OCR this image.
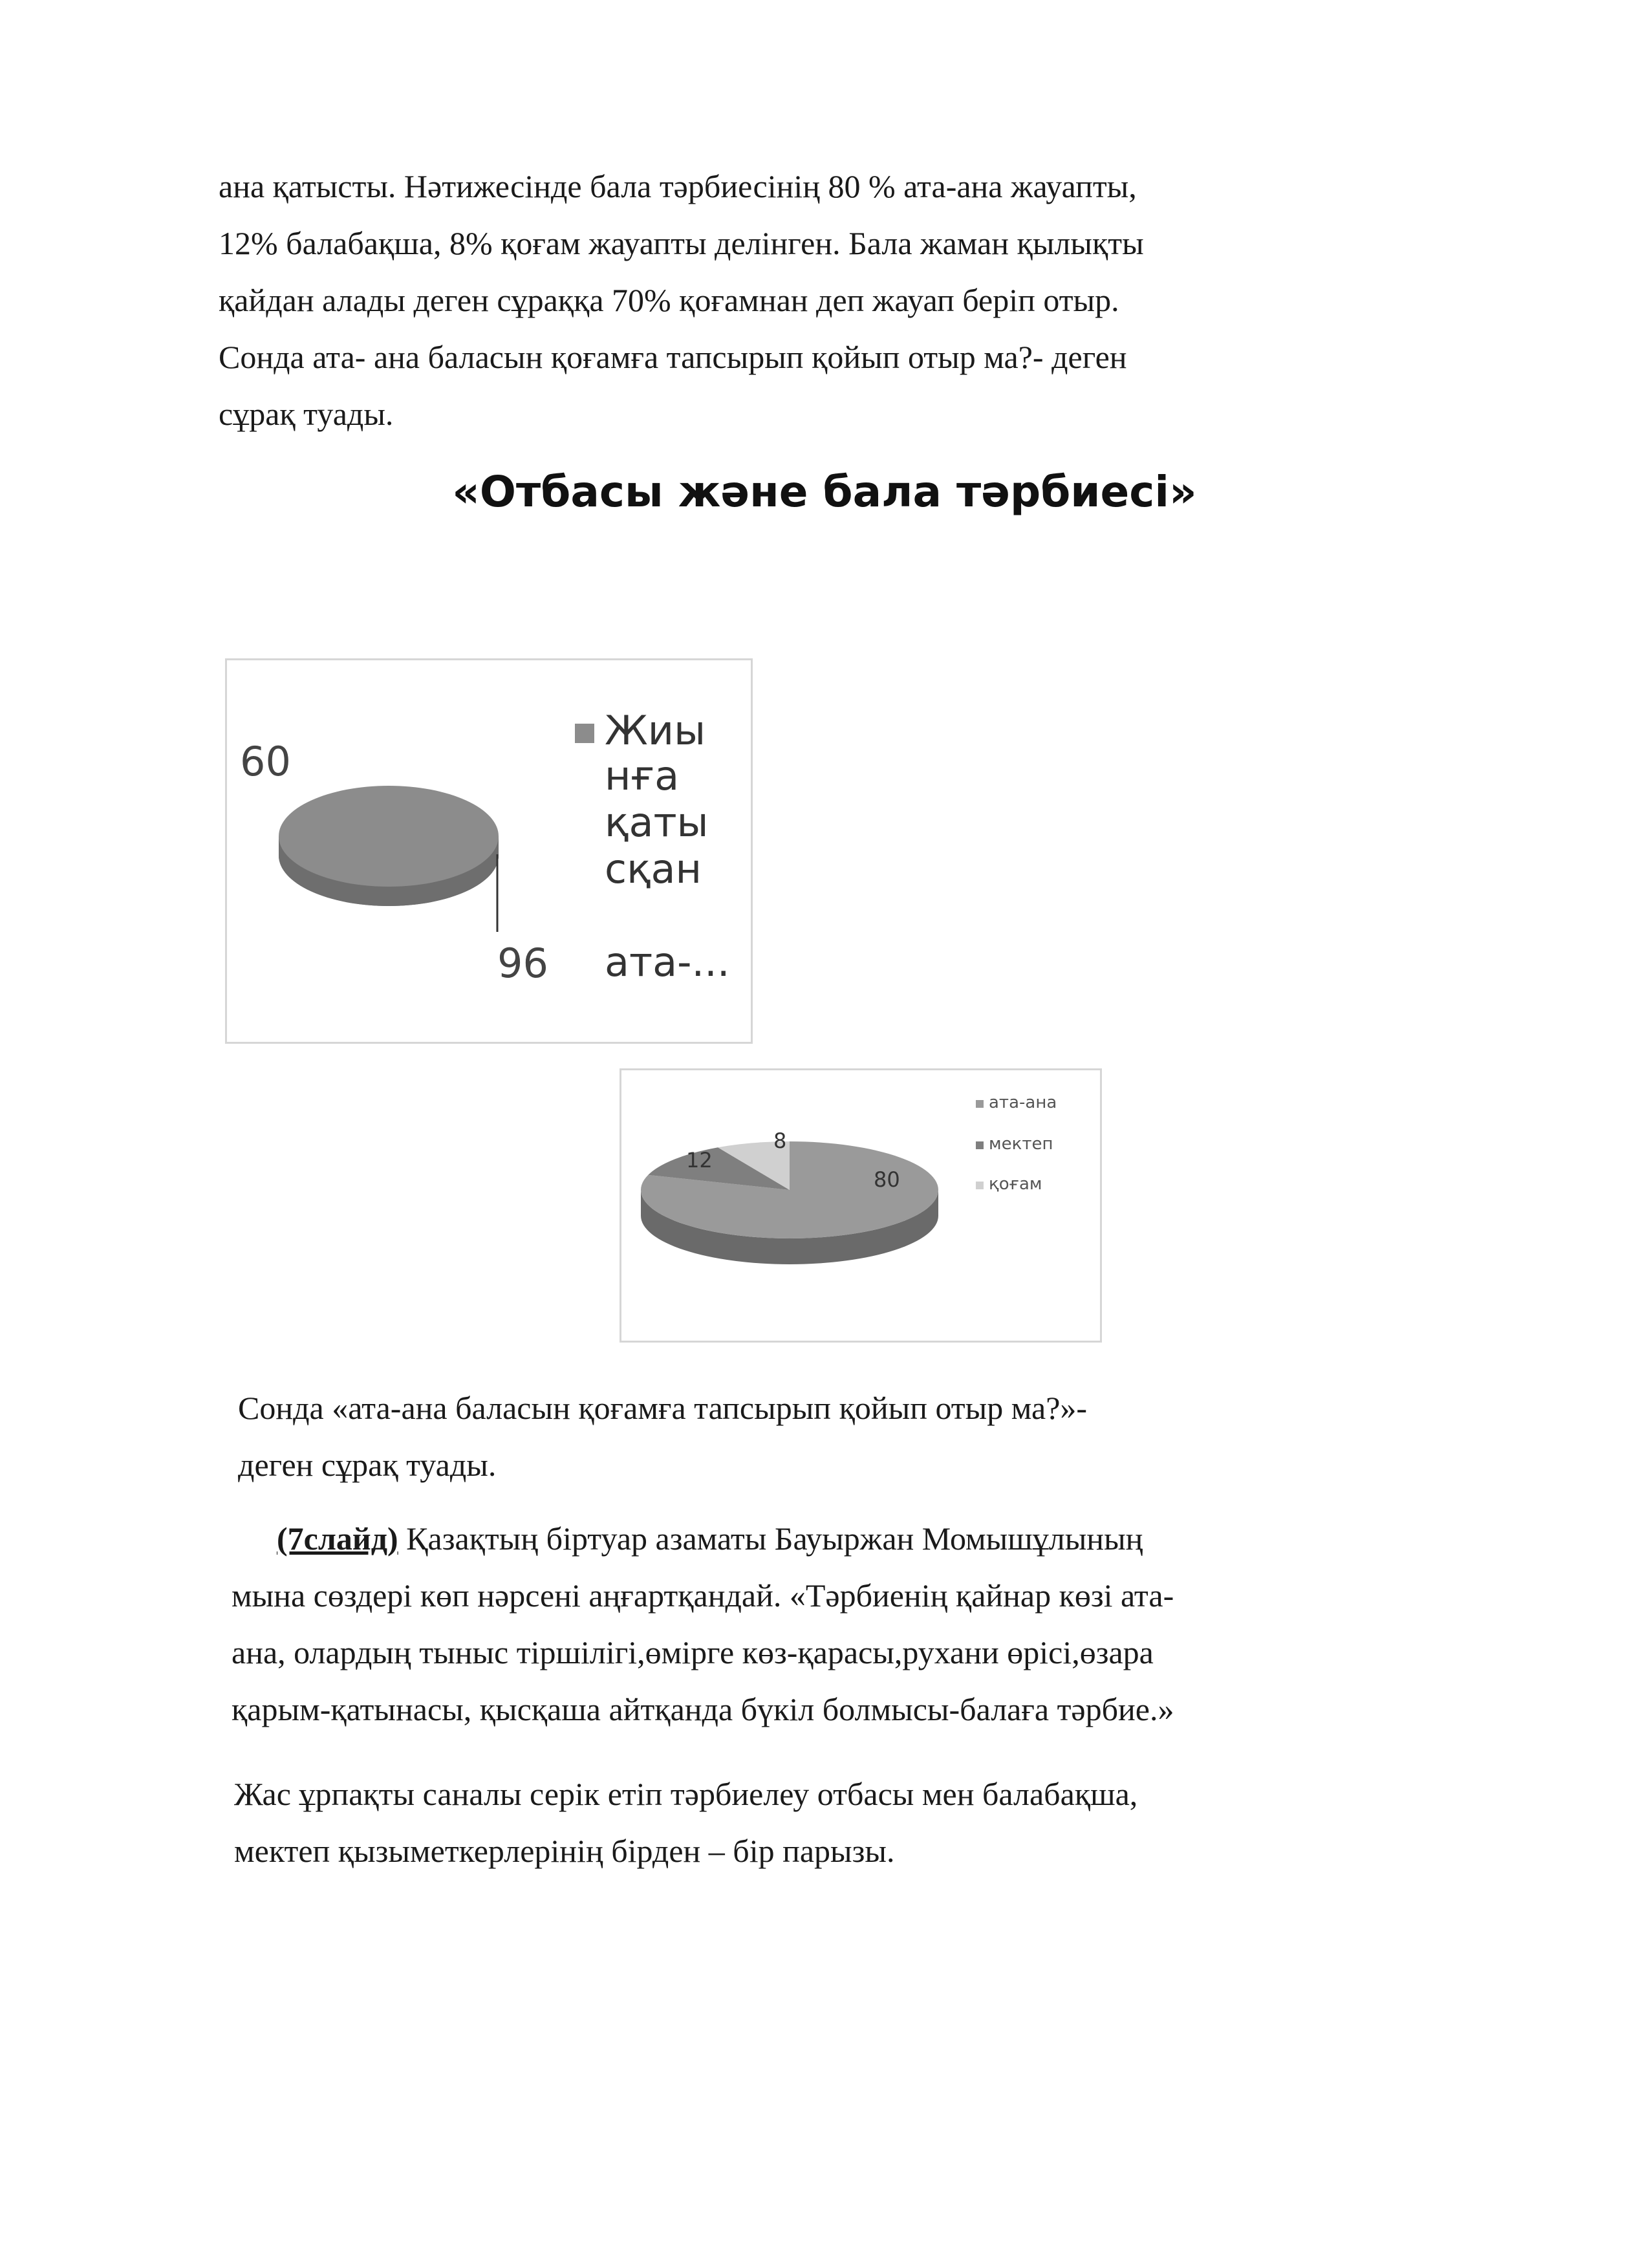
ана қатысты. Нәтижесінде бала тәрбиесінің 80 % ата-ана жауапты,
12% балабақша, 8% қоғам жауапты делінген. Бала жаман қылықты
қайдан алады деген сұраққа 70% қоғамнан деп жауап беріп отыр.
Сонда ата- ана баласын қоғамға тапсырып қойып отыр ма?- деген
сұрақ туады.
«Отбасы және бала тәрбиесі»
60
96
Жиы
нға
қаты
сқан
ата-...
80
12
8
ата-ана
мектеп
қоғам
Сонда «ата-ана баласын қоғамға тапсырып қойып отыр ма?»-
деген сұрақ туады.
(7слайд) Қазақтың біртуар азаматы Бауыржан Момышұлының
мына сөздері көп нәрсені аңғартқандай. «Тәрбиенің қайнар көзі ата-
ана, олардың тыныс тіршілігі,өмірге көз-қарасы,рухани өрісі,өзара
қарым-қатынасы, қысқаша айтқанда бүкіл болмысы-балаға тәрбие.»
Жас ұрпақты саналы серік етіп тәрбиелеу отбасы мен балабақша,
мектеп қызыметкерлерінің бірден – бір парызы.
